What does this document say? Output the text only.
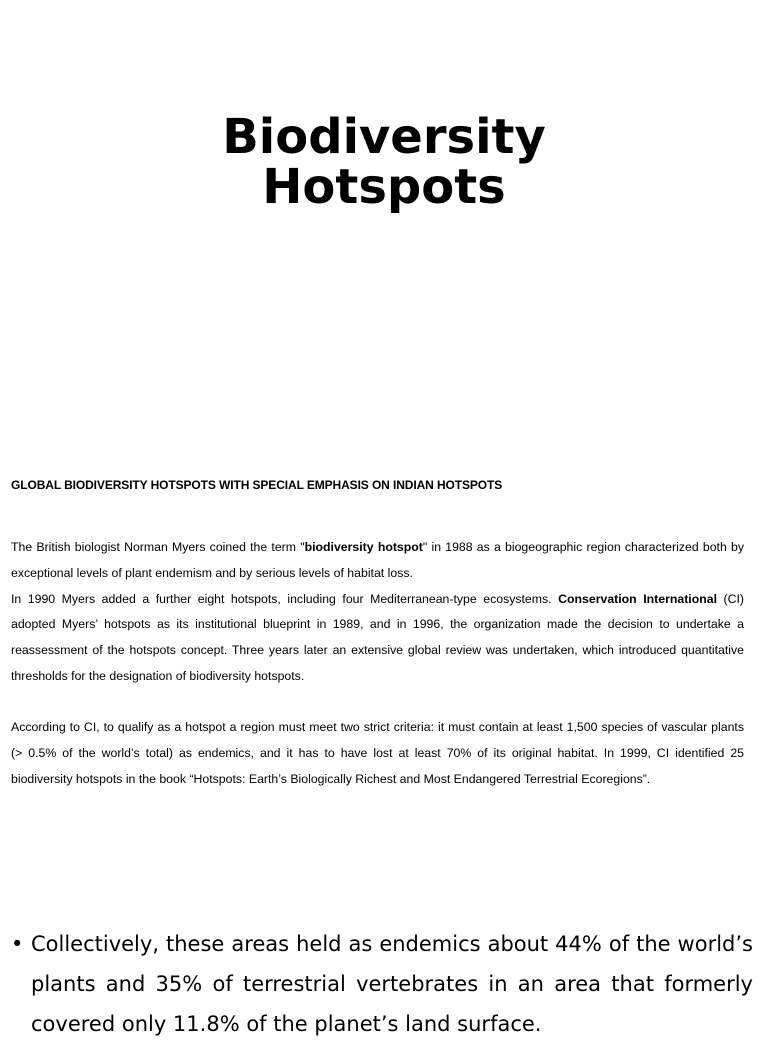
Biodiversity
Hotspots
GLOBAL BIODIVERSITY HOTSPOTS WITH SPECIAL EMPHASIS ON INDIAN HOTSPOTS

The British biologist Norman Myers coined the term "biodiversity hotspot" in 1988 as a biogeographic region characterized both by exceptional levels of plant endemism and by serious levels of habitat loss.
In 1990 Myers added a further eight hotspots, including four Mediterranean-type ecosystems. Conservation International (CI) adopted Myers’ hotspots as its institutional blueprint in 1989, and in 1996, the organization made the decision to undertake a reassessment of the hotspots concept. Three years later an extensive global review was undertaken, which introduced quantitative thresholds for the designation of biodiversity hotspots.

According to CI, to qualify as a hotspot a region must meet two strict criteria: it must contain at least 1,500 species of vascular plants (> 0.5% of the world’s total) as endemics, and it has to have lost at least 70% of its original habitat. In 1999, CI identified 25 biodiversity hotspots in the book “Hotspots: Earth’s Biologically Richest and Most Endangered Terrestrial Ecoregions”.

• Collectively, these areas held as endemics about 44% of the world’s plants and 35% of terrestrial vertebrates in an area that formerly covered only 11.8% of the planet’s land surface.
